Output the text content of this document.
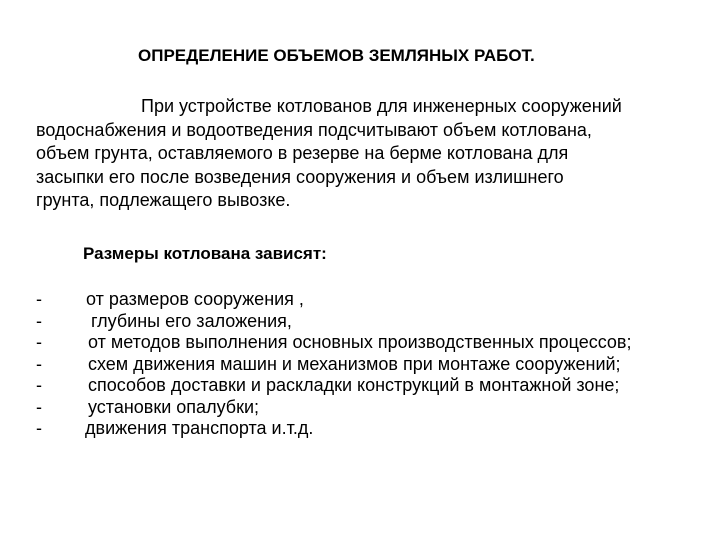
ОПРЕДЕЛЕНИЕ ОБЪЕМОВ ЗЕМЛЯНЫХ РАБОТ.

При устройстве котлованов для инженерных сооружений
водоснабжения и водоотведения подсчитывают объем котлована,
объем грунта, оставляемого в резерве на берме котлована для
засыпки его после возведения сооружения и объем излишнего
грунта, подлежащего вывозке.

Размеры котлована зависят:
- от размеров сооружения ,
-	глубины его заложения,
-	от методов выполнения основных производственных процессов;
-	схем движения машин и механизмов при монтаже сооружений;
-	способов доставки и раскладки конструкций в монтажной зоне;
-	установки опалубки;
- движения транспорта и.т.д.
